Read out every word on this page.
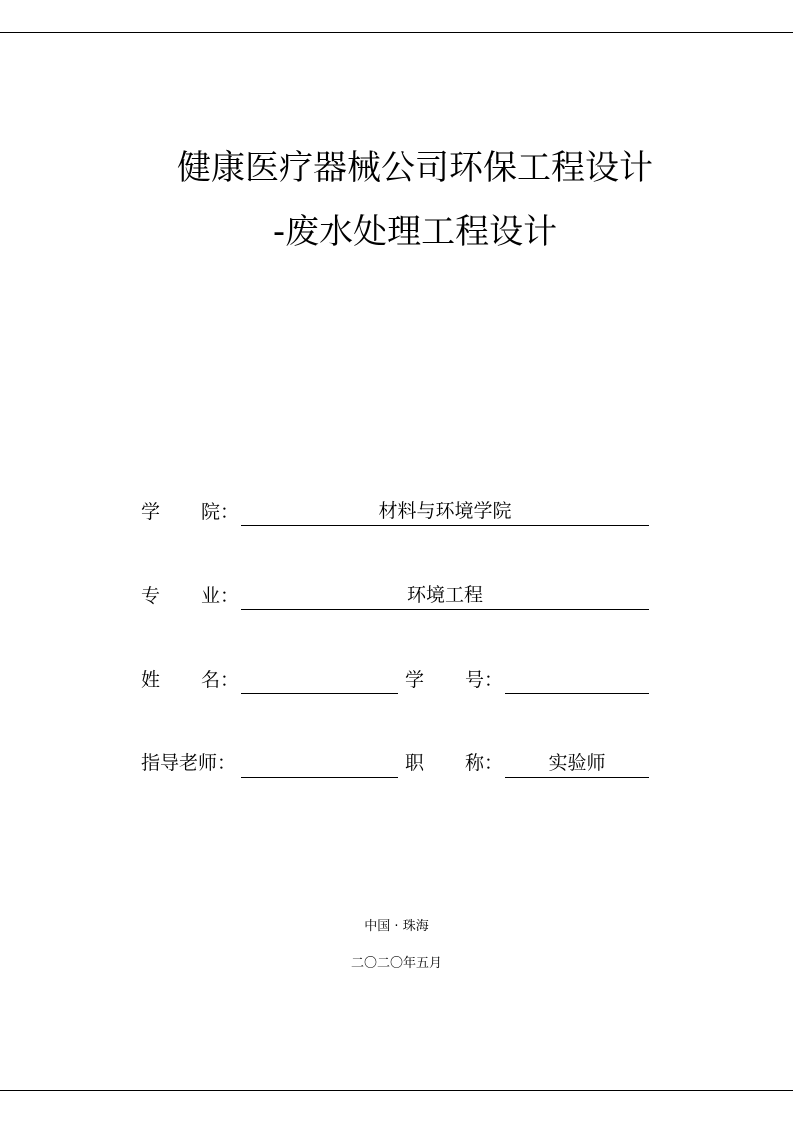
健康医疗器械公司环保工程设计
-废水处理工程设计
学 院：	材料与环境学院
专 业：	环境工程
姓 名：	学 号：
指导老师：	职 称：	实验师
中国 · 珠海
二〇二〇年五月
